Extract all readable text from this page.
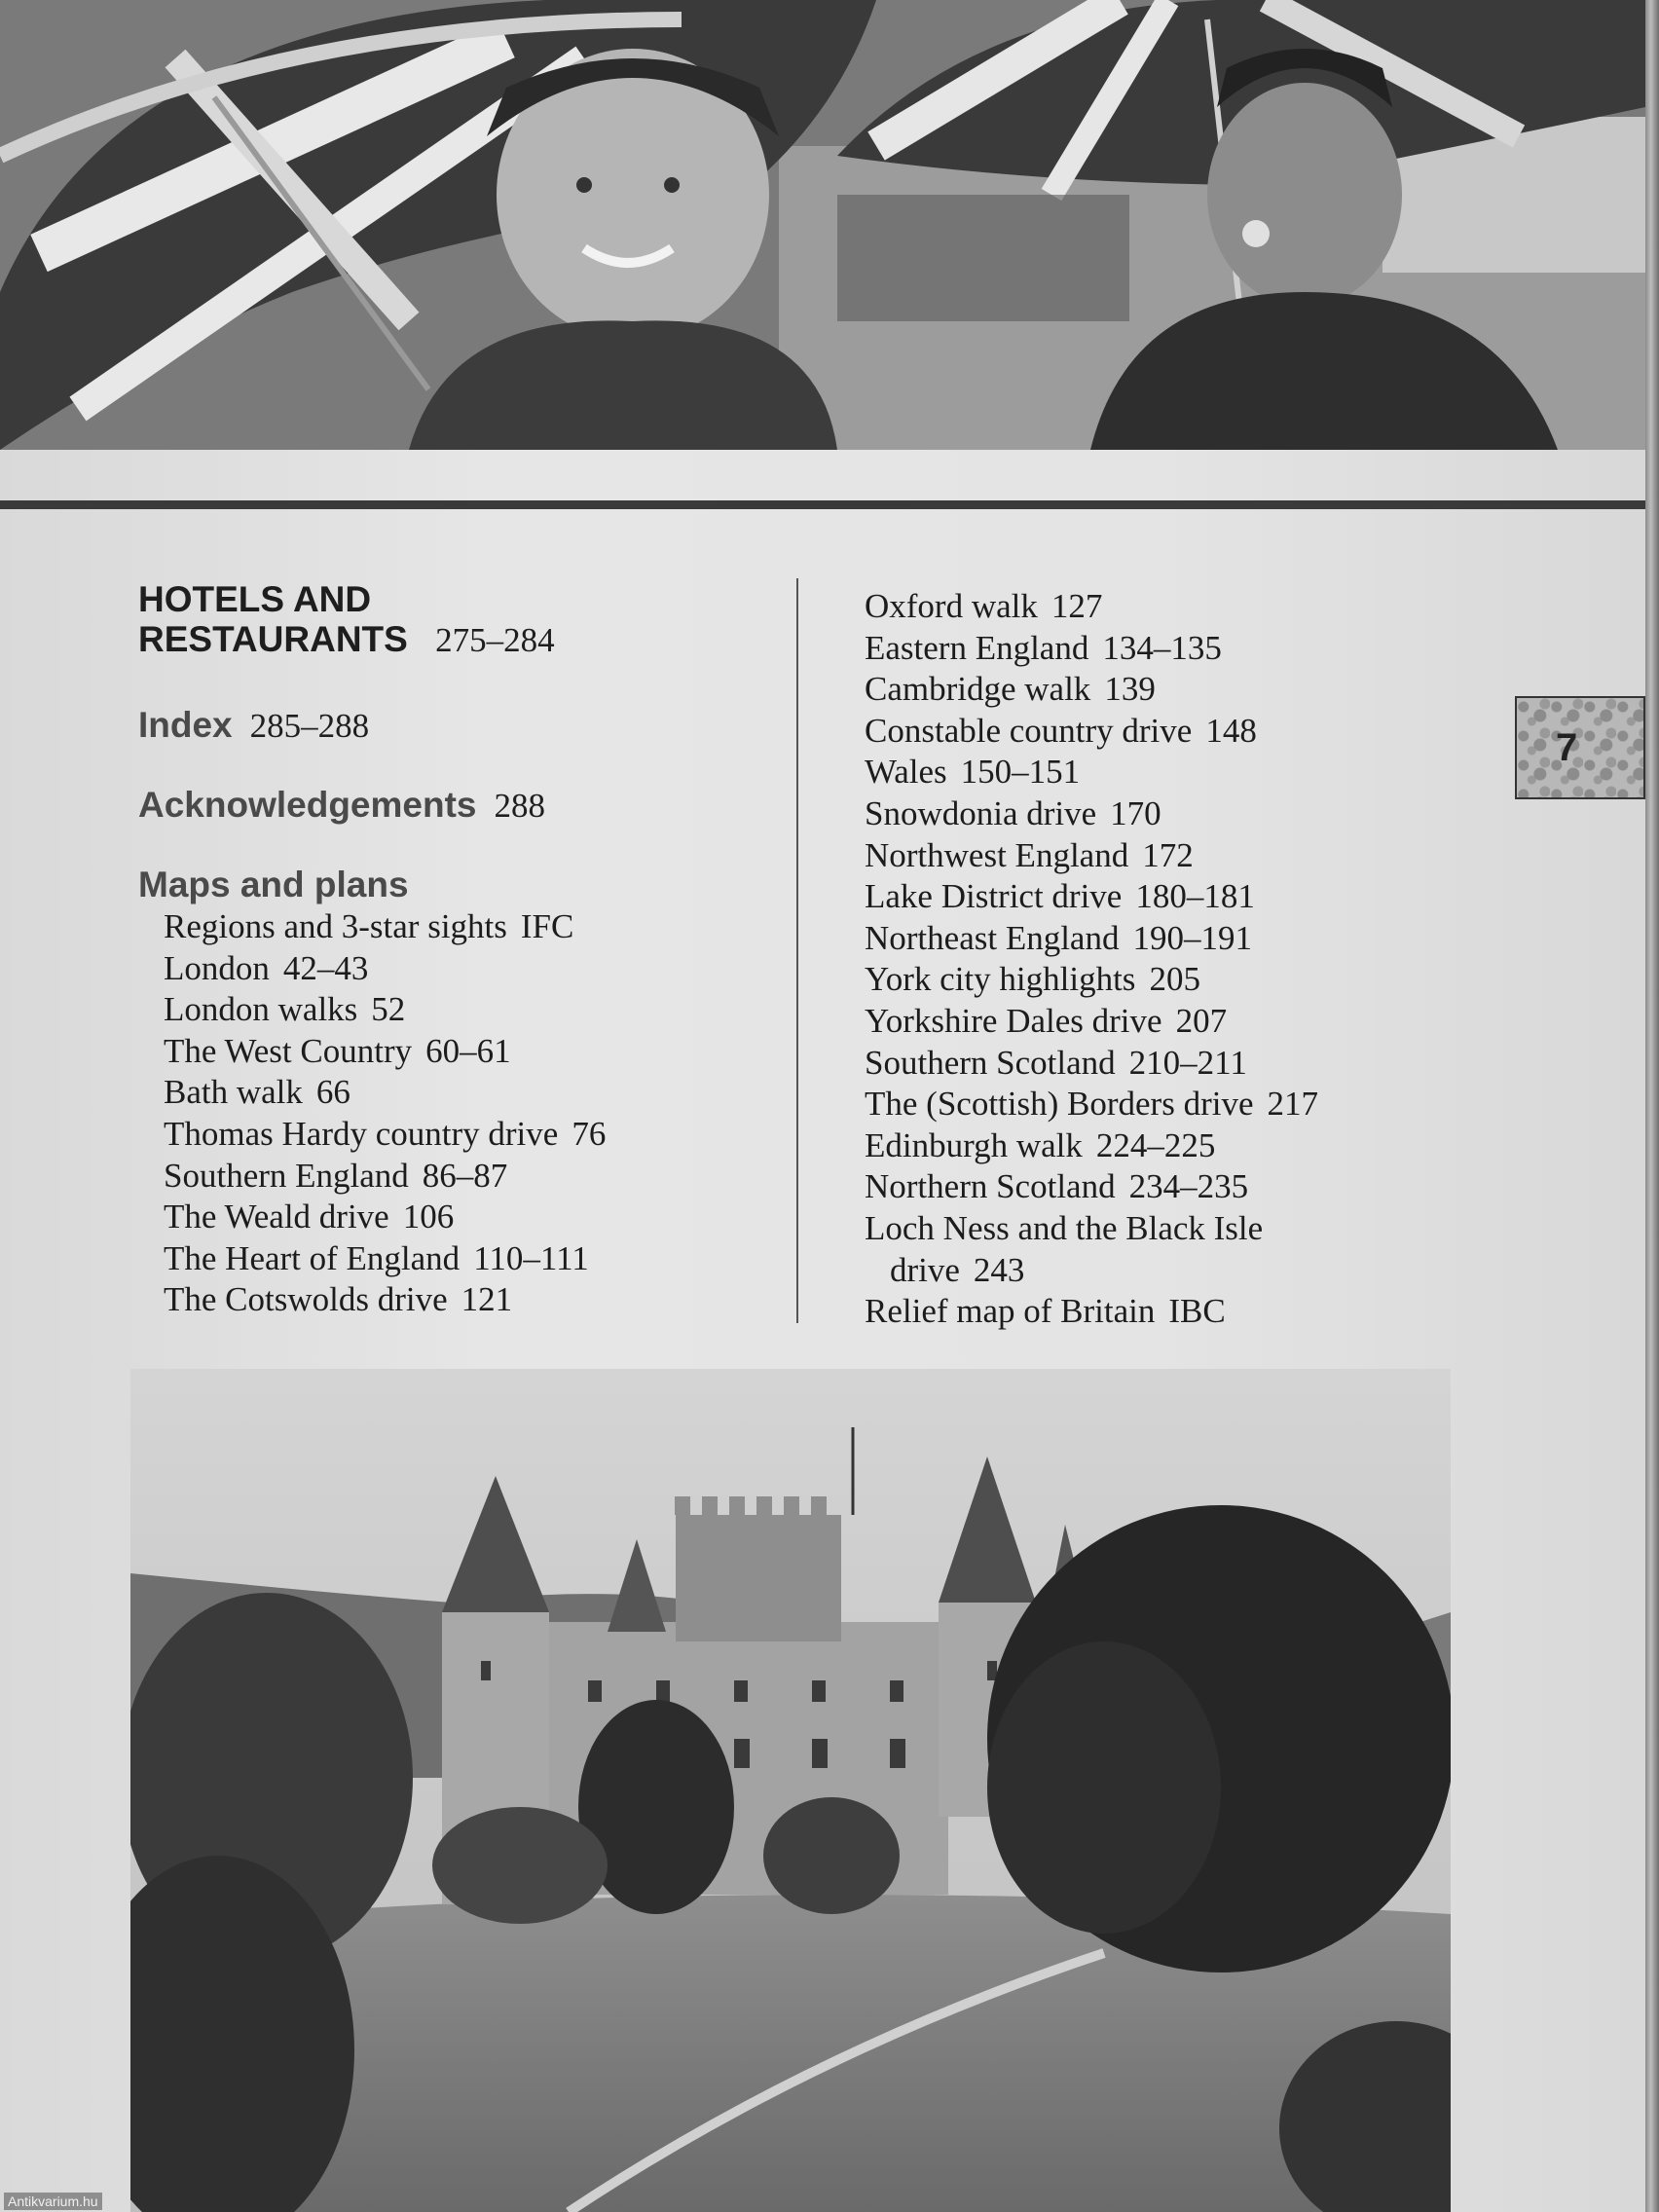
HOTELS AND
RESTAURANTS 275–284
Index 285–288
Acknowledgements 288
Maps and plans
Regions and 3-star sights IFC
London 42–43
London walks 52
The West Country 60–61
Bath walk 66
Thomas Hardy country drive 76
Southern England 86–87
The Weald drive 106
The Heart of England 110–111
The Cotswolds drive 121
Oxford walk 127
Eastern England 134–135
Cambridge walk 139
Constable country drive 148
Wales 150–151
Snowdonia drive 170
Northwest England 172
Lake District drive 180–181
Northeast England 190–191
York city highlights 205
Yorkshire Dales drive 207
Southern Scotland 210–211
The (Scottish) Borders drive 217
Edinburgh walk 224–225
Northern Scotland 234–235
Loch Ness and the Black Isle
drive 243
Relief map of Britain IBC
7
Antikvarium.hu
